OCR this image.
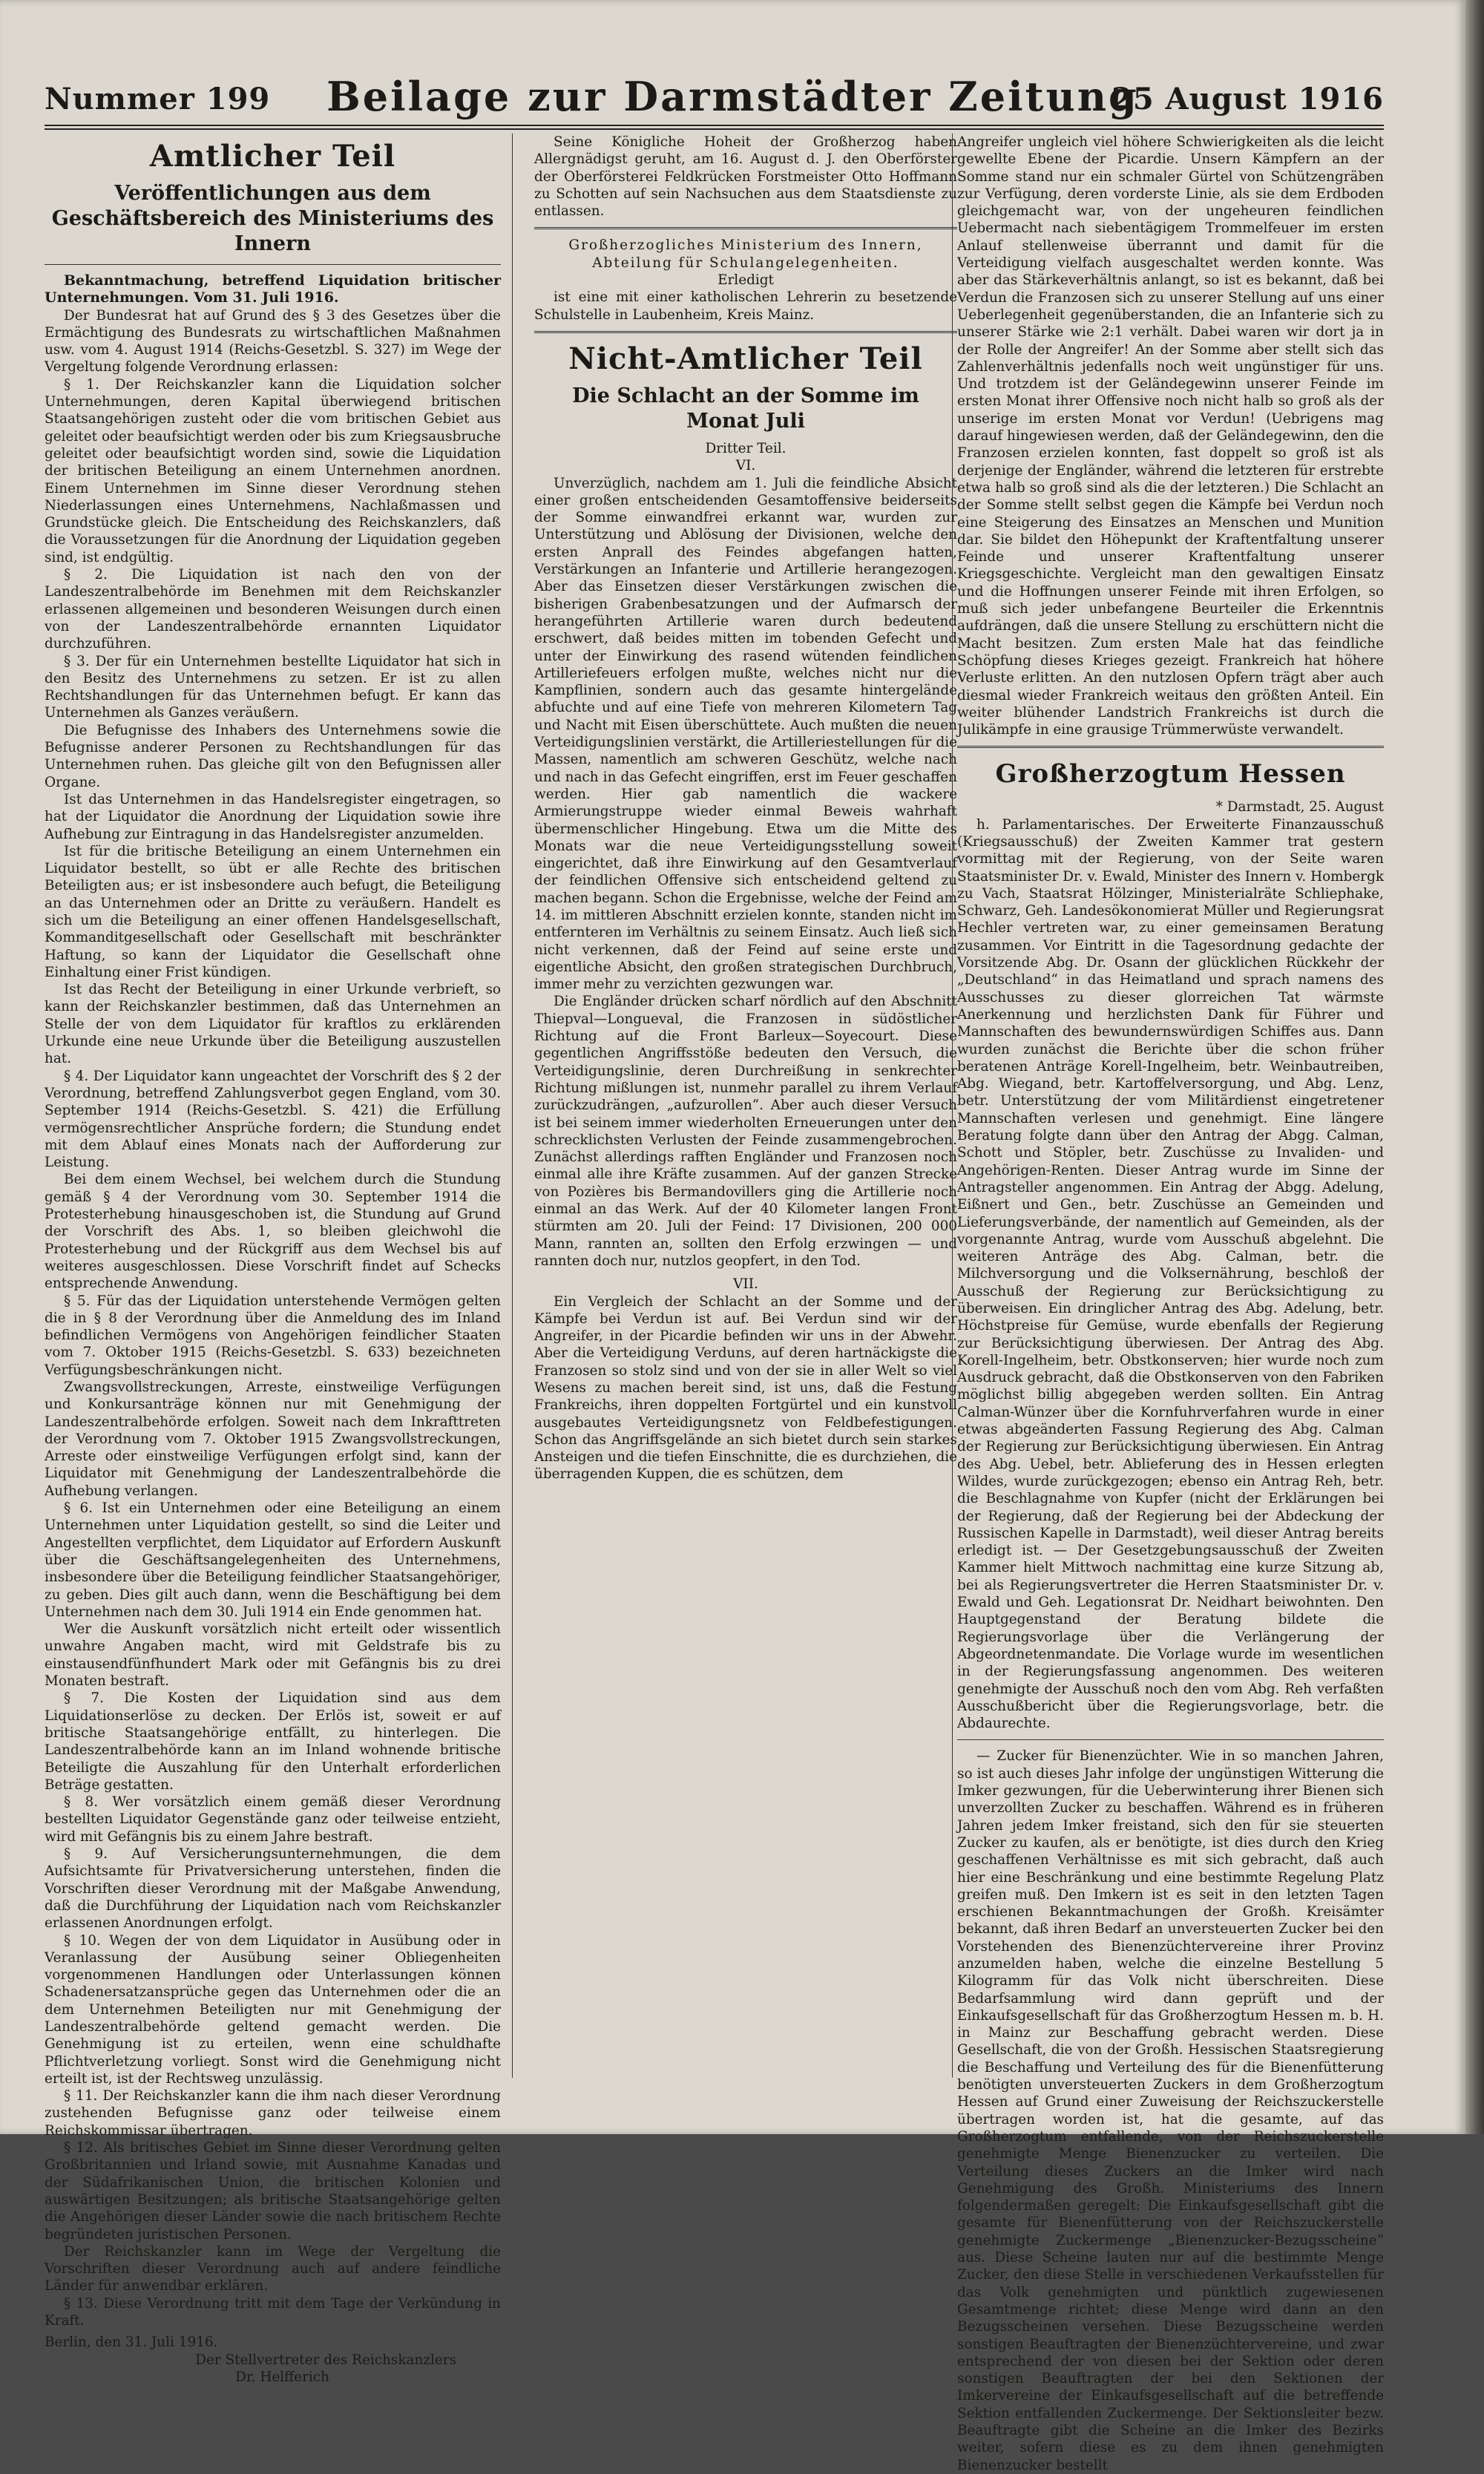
Nummer 199	Beilage zur Darmstädter Zeitung
25 August 1916
Amtlicher Teil
Veröffentlichungen aus dem Geschäftsbereich des Ministeriums des Innern

Bekanntmachung, betreffend Liquidation britischer Unternehmungen. Vom 31. Juli 1916.

Der Bundesrat hat auf Grund des § 3 des Gesetzes über die Ermächtigung des Bundesrats zu wirtschaftlichen Maßnahmen usw. vom 4. August 1914 (Reichs-Gesetzbl. S. 327) im Wege der Vergeltung folgende Verordnung erlassen:

§ 1. Der Reichskanzler kann die Liquidation solcher Unternehmungen, deren Kapital überwiegend britischen Staatsangehörigen zusteht oder die vom britischen Gebiet aus geleitet oder beaufsichtigt werden oder bis zum Kriegsausbruche geleitet oder beaufsichtigt worden sind, sowie die Liquidation der britischen Beteiligung an einem Unternehmen anordnen. Einem Unternehmen im Sinne dieser Verordnung stehen Niederlassungen eines Unternehmens, Nachlaßmassen und Grundstücke gleich. Die Entscheidung des Reichskanzlers, daß die Voraussetzungen für die Anordnung der Liquidation gegeben sind, ist endgültig.

§ 2. Die Liquidation ist nach den von der Landeszentralbehörde im Benehmen mit dem Reichskanzler erlassenen allgemeinen und besonderen Weisungen durch einen von der Landeszentralbehörde ernannten Liquidator durchzuführen.

§ 3. Der für ein Unternehmen bestellte Liquidator hat sich in den Besitz des Unternehmens zu setzen. Er ist zu allen Rechtshandlungen für das Unternehmen befugt. Er kann das Unternehmen als Ganzes veräußern.

Die Befugnisse des Inhabers des Unternehmens sowie die Befugnisse anderer Personen zu Rechtshandlungen für das Unternehmen ruhen. Das gleiche gilt von den Befugnissen aller Organe.

Ist das Unternehmen in das Handelsregister eingetragen, so hat der Liquidator die Anordnung der Liquidation sowie ihre Aufhebung zur Eintragung in das Handelsregister anzumelden.

Ist für die britische Beteiligung an einem Unternehmen ein Liquidator bestellt, so übt er alle Rechte des britischen Beteiligten aus; er ist insbesondere auch befugt, die Beteiligung an das Unternehmen oder an Dritte zu veräußern. Handelt es sich um die Beteiligung an einer offenen Handelsgesellschaft, Kommanditgesellschaft oder Gesellschaft mit beschränkter Haftung, so kann der Liquidator die Gesellschaft ohne Einhaltung einer Frist kündigen.

Ist das Recht der Beteiligung in einer Urkunde verbrieft, so kann der Reichskanzler bestimmen, daß das Unternehmen an Stelle der von dem Liquidator für kraftlos zu erklärenden Urkunde eine neue Urkunde über die Beteiligung auszustellen hat.

§ 4. Der Liquidator kann ungeachtet der Vorschrift des § 2 der Verordnung, betreffend Zahlungsverbot gegen England, vom 30. September 1914 (Reichs-Gesetzbl. S. 421) die Erfüllung vermögensrechtlicher Ansprüche fordern; die Stundung endet mit dem Ablauf eines Monats nach der Aufforderung zur Leistung.

Bei dem einem Wechsel, bei welchem durch die Stundung gemäß § 4 der Verordnung vom 30. September 1914 die Protesterhebung hinausgeschoben ist, die Stundung auf Grund der Vorschrift des Abs. 1, so bleiben gleichwohl die Protesterhebung und der Rückgriff aus dem Wechsel bis auf weiteres ausgeschlossen. Diese Vorschrift findet auf Schecks entsprechende Anwendung.

§ 5. Für das der Liquidation unterstehende Vermögen gelten die in § 8 der Verordnung über die Anmeldung des im Inland befindlichen Vermögens von Angehörigen feindlicher Staaten vom 7. Oktober 1915 (Reichs-Gesetzbl. S. 633) bezeichneten Verfügungsbeschränkungen nicht.

Zwangsvollstreckungen, Arreste, einstweilige Verfügungen und Konkursanträge können nur mit Genehmigung der Landeszentralbehörde erfolgen. Soweit nach dem Inkrafttreten der Verordnung vom 7. Oktober 1915 Zwangsvollstreckungen, Arreste oder einstweilige Verfügungen erfolgt sind, kann der Liquidator mit Genehmigung der Landeszentralbehörde die Aufhebung verlangen.

§ 6. Ist ein Unternehmen oder eine Beteiligung an einem Unternehmen unter Liquidation gestellt, so sind die Leiter und Angestellten verpflichtet, dem Liquidator auf Erfordern Auskunft über die Geschäftsangelegenheiten des Unternehmens, insbesondere über die Beteiligung feindlicher Staatsangehöriger, zu geben. Dies gilt auch dann, wenn die Beschäftigung bei dem Unternehmen nach dem 30. Juli 1914 ein Ende genommen hat.

Wer die Auskunft vorsätzlich nicht erteilt oder wissentlich unwahre Angaben macht, wird mit Geldstrafe bis zu einstausendfünfhundert Mark oder mit Gefängnis bis zu drei Monaten bestraft.

§ 7. Die Kosten der Liquidation sind aus dem Liquidationserlöse zu decken. Der Erlös ist, soweit er auf britische Staatsangehörige entfällt, zu hinterlegen. Die Landeszentralbehörde kann an im Inland wohnende britische Beteiligte die Auszahlung für den Unterhalt erforderlichen Beträge gestatten.

§ 8. Wer vorsätzlich einem gemäß dieser Verordnung bestellten Liquidator Gegenstände ganz oder teilweise entzieht, wird mit Gefängnis bis zu einem Jahre bestraft.

§ 9. Auf Versicherungsunternehmungen, die dem Aufsichtsamte für Privatversicherung unterstehen, finden die Vorschriften dieser Verordnung mit der Maßgabe Anwendung, daß die Durchführung der Liquidation nach vom Reichskanzler erlassenen Anordnungen erfolgt.

§ 10. Wegen der von dem Liquidator in Ausübung oder in Veranlassung der Ausübung seiner Obliegenheiten vorgenommenen Handlungen oder Unterlassungen können Schadenersatzansprüche gegen das Unternehmen oder die an dem Unternehmen Beteiligten nur mit Genehmigung der Landeszentralbehörde geltend gemacht werden. Die Genehmigung ist zu erteilen, wenn eine schuldhafte Pflichtverletzung vorliegt. Sonst wird die Genehmigung nicht erteilt ist, ist der Rechtsweg unzulässig.

§ 11. Der Reichskanzler kann die ihm nach dieser Verordnung zustehenden Befugnisse ganz oder teilweise einem Reichskommissar übertragen.

§ 12. Als britisches Gebiet im Sinne dieser Verordnung gelten Großbritannien und Irland sowie, mit Ausnahme Kanadas und der Südafrikanischen Union, die britischen Kolonien und auswärtigen Besitzungen; als britische Staatsangehörige gelten die Angehörigen dieser Länder sowie die nach britischem Rechte begründeten juristischen Personen.

Der Reichskanzler kann im Wege der Vergeltung die Vorschriften dieser Verordnung auch auf andere feindliche Länder für anwendbar erklären.

§ 13. Diese Verordnung tritt mit dem Tage der Verkündung in Kraft.

Berlin, den 31. Juli 1916.

Der Stellvertreter des Reichskanzlers

Dr. Helfferich

Seine Königliche Hoheit der Großherzog haben Allergnädigst geruht, am 16. August d. J. den Oberförster der Oberförsterei Feldkrücken Forstmeister Otto Hoffmann zu Schotten auf sein Nachsuchen aus dem Staatsdienste zu entlassen.

Großherzogliches Ministerium des Innern, Abteilung für Schulangelegenheiten.

Erledigt

ist eine mit einer katholischen Lehrerin zu besetzende Schulstelle in Laubenheim, Kreis Mainz.

Nicht-Amtlicher Teil
Die Schlacht an der Somme im Monat Juli

Dritter Teil.

VI.

Unverzüglich, nachdem am 1. Juli die feindliche Absicht einer großen entscheidenden Gesamtoffensive beiderseits der Somme einwandfrei erkannt war, wurden zur Unterstützung und Ablösung der Divisionen, welche den ersten Anprall des Feindes abgefangen hatten, Verstärkungen an Infanterie und Artillerie herangezogen. Aber das Einsetzen dieser Verstärkungen zwischen die bisherigen Grabenbesatzungen und der Aufmarsch der herangeführten Artillerie waren durch bedeutend erschwert, daß beides mitten im tobenden Gefecht und unter der Einwirkung des rasend wütenden feindlichen Artilleriefeuers erfolgen mußte, welches nicht nur die Kampflinien, sondern auch das gesamte hintergelände abfuchte und auf eine Tiefe von mehreren Kilometern Tag und Nacht mit Eisen überschüttete. Auch mußten die neuen Verteidigungslinien verstärkt, die Artilleriestellungen für die Massen, namentlich am schweren Geschütz, welche nach und nach in das Gefecht eingriffen, erst im Feuer geschaffen werden. Hier gab namentlich die wackere Armierungstruppe wieder einmal Beweis wahrhaft übermenschlicher Hingebung. Etwa um die Mitte des Monats war die neue Verteidigungsstellung soweit eingerichtet, daß ihre Einwirkung auf den Gesamtverlauf der feindlichen Offensive sich entscheidend geltend zu machen begann. Schon die Ergebnisse, welche der Feind am 14. im mittleren Abschnitt erzielen konnte, standen nicht im entfernteren im Verhältnis zu seinem Einsatz. Auch ließ sich nicht verkennen, daß der Feind auf seine erste und eigentliche Absicht, den großen strategischen Durchbruch, immer mehr zu verzichten gezwungen war.

Die Engländer drücken scharf nördlich auf den Abschnitt Thiepval—Longueval, die Franzosen in südöstlicher Richtung auf die Front Barleux—Soyecourt. Diese gegentlichen Angriffsstöße bedeuten den Versuch, die Verteidigungslinie, deren Durchreißung in senkrechter Richtung mißlungen ist, nunmehr parallel zu ihrem Verlauf zurückzudrängen, „aufzurollen“. Aber auch dieser Versuch ist bei seinem immer wiederholten Erneuerungen unter den schrecklichsten Verlusten der Feinde zusammengebrochen. Zunächst allerdings rafften Engländer und Franzosen noch einmal alle ihre Kräfte zusammen. Auf der ganzen Strecke von Pozières bis Bermandovillers ging die Artillerie noch einmal an das Werk. Auf der 40 Kilometer langen Front stürmten am 20. Juli der Feind: 17 Divisionen, 200 000 Mann, rannten an, sollten den Erfolg erzwingen — und rannten doch nur, nutzlos geopfert, in den Tod.

VII.

Ein Vergleich der Schlacht an der Somme und der Kämpfe bei Verdun ist auf. Bei Verdun sind wir der Angreifer, in der Picardie befinden wir uns in der Abwehr. Aber die Verteidigung Verduns, auf deren hartnäckigste die Franzosen so stolz sind und von der sie in aller Welt so viel Wesens zu machen bereit sind, ist uns, daß die Festung Frankreichs, ihren doppelten Fortgürtel und ein kunstvoll ausgebautes Verteidigungsnetz von Feldbefestigungen. Schon das Angriffsgelände an sich bietet durch sein starkes Ansteigen und die tiefen Einschnitte, die es durchziehen, die überragenden Kuppen, die es schützen, dem

Angreifer ungleich viel höhere Schwierigkeiten als die leicht gewellte Ebene der Picardie. Unsern Kämpfern an der Somme stand nur ein schmaler Gürtel von Schützengräben zur Verfügung, deren vorderste Linie, als sie dem Erdboden gleichgemacht war, von der ungeheuren feindlichen Uebermacht nach siebentägigem Trommelfeuer im ersten Anlauf stellenweise überrannt und damit für die Verteidigung vielfach ausgeschaltet werden konnte. Was aber das Stärkeverhältnis anlangt, so ist es bekannt, daß bei Verdun die Franzosen sich zu unserer Stellung auf uns einer Ueberlegenheit gegenüberstanden, die an Infanterie sich zu unserer Stärke wie 2:1 verhält. Dabei waren wir dort ja in der Rolle der Angreifer! An der Somme aber stellt sich das Zahlenverhältnis jedenfalls noch weit ungünstiger für uns. Und trotzdem ist der Geländegewinn unserer Feinde im ersten Monat ihrer Offensive noch nicht halb so groß als der unserige im ersten Monat vor Verdun! (Uebrigens mag darauf hingewiesen werden, daß der Geländegewinn, den die Franzosen erzielen konnten, fast doppelt so groß ist als derjenige der Engländer, während die letzteren für erstrebte etwa halb so groß sind als die der letzteren.) Die Schlacht an der Somme stellt selbst gegen die Kämpfe bei Verdun noch eine Steigerung des Einsatzes an Menschen und Munition dar. Sie bildet den Höhepunkt der Kraftentfaltung unserer Feinde und unserer Kraftentfaltung unserer Kriegsgeschichte. Vergleicht man den gewaltigen Einsatz und die Hoffnungen unserer Feinde mit ihren Erfolgen, so muß sich jeder unbefangene Beurteiler die Erkenntnis aufdrängen, daß die unsere Stellung zu erschüttern nicht die Macht besitzen. Zum ersten Male hat das feindliche Schöpfung dieses Krieges gezeigt. Frankreich hat höhere Verluste erlitten. An den nutzlosen Opfern trägt aber auch diesmal wieder Frankreich weitaus den größten Anteil. Ein weiter blühender Landstrich Frankreichs ist durch die Julikämpfe in eine grausige Trümmerwüste verwandelt.

Großherzogtum Hessen

* Darmstadt, 25. August

h. Parlamentarisches. Der Erweiterte Finanzausschuß (Kriegsausschuß) der Zweiten Kammer trat gestern vormittag mit der Regierung, von der Seite waren Staatsminister Dr. v. Ewald, Minister des Innern v. Hombergk zu Vach, Staatsrat Hölzinger, Ministerialräte Schliephake, Schwarz, Geh. Landesökonomierat Müller und Regierungsrat Hechler vertreten war, zu einer gemeinsamen Beratung zusammen. Vor Eintritt in die Tagesordnung gedachte der Vorsitzende Abg. Dr. Osann der glücklichen Rückkehr der „Deutschland“ in das Heimatland und sprach namens des Ausschusses zu dieser glorreichen Tat wärmste Anerkennung und herzlichsten Dank für Führer und Mannschaften des bewundernswürdigen Schiffes aus. Dann wurden zunächst die Berichte über die schon früher beratenen Anträge Korell-Ingelheim, betr. Weinbautreiben, Abg. Wiegand, betr. Kartoffelversorgung, und Abg. Lenz, betr. Unterstützung der vom Militärdienst eingetretener Mannschaften verlesen und genehmigt. Eine längere Beratung folgte dann über den Antrag der Abgg. Calman, Schott und Stöpler, betr. Zuschüsse zu Invaliden- und Angehörigen-Renten. Dieser Antrag wurde im Sinne der Antragsteller angenommen. Ein Antrag der Abgg. Adelung, Eißnert und Gen., betr. Zuschüsse an Gemeinden und Lieferungsverbände, der namentlich auf Gemeinden, als der vorgenannte Antrag, wurde vom Ausschuß abgelehnt. Die weiteren Anträge des Abg. Calman, betr. die Milchversorgung und die Volksernährung, beschloß der Ausschuß der Regierung zur Berücksichtigung zu überweisen. Ein dringlicher Antrag des Abg. Adelung, betr. Höchstpreise für Gemüse, wurde ebenfalls der Regierung zur Berücksichtigung überwiesen. Der Antrag des Abg. Korell-Ingelheim, betr. Obstkonserven; hier wurde noch zum Ausdruck gebracht, daß die Obstkonserven von den Fabriken möglichst billig abgegeben werden sollten. Ein Antrag Calman-Wünzer über die Kornfuhrverfahren wurde in einer etwas abgeänderten Fassung Regierung des Abg. Calman der Regierung zur Berücksichtigung überwiesen. Ein Antrag des Abg. Uebel, betr. Ablieferung des in Hessen erlegten Wildes, wurde zurückgezogen; ebenso ein Antrag Reh, betr. die Beschlagnahme von Kupfer (nicht der Erklärungen bei der Regierung, daß der Regierung bei der Abdeckung der Russischen Kapelle in Darmstadt), weil dieser Antrag bereits erledigt ist. — Der Gesetzgebungsausschuß der Zweiten Kammer hielt Mittwoch nachmittag eine kurze Sitzung ab, bei als Regierungsvertreter die Herren Staatsminister Dr. v. Ewald und Geh. Legationsrat Dr. Neidhart beiwohnten. Den Hauptgegenstand der Beratung bildete die Regierungsvorlage über die Verlängerung der Abgeordnetenmandate. Die Vorlage wurde im wesentlichen in der Regierungsfassung angenommen. Des weiteren genehmigte der Ausschuß noch den vom Abg. Reh verfaßten Ausschußbericht über die Regierungsvorlage, betr. die Abdaurechte.

— Zucker für Bienenzüchter. Wie in so manchen Jahren, so ist auch dieses Jahr infolge der ungünstigen Witterung die Imker gezwungen, für die Ueberwinterung ihrer Bienen sich unverzollten Zucker zu beschaffen. Während es in früheren Jahren jedem Imker freistand, sich den für sie steuerten Zucker zu kaufen, als er benötigte, ist dies durch den Krieg geschaffenen Verhältnisse es mit sich gebracht, daß auch hier eine Beschränkung und eine bestimmte Regelung Platz greifen muß. Den Imkern ist es seit in den letzten Tagen erschienen Bekanntmachungen der Großh. Kreisämter bekannt, daß ihren Bedarf an unversteuerten Zucker bei den Vorstehenden des Bienenzüchtervereine ihrer Provinz anzumelden haben, welche die einzelne Bestellung 5 Kilogramm für das Volk nicht überschreiten. Diese Bedarfsammlung wird dann geprüft und der Einkaufsgesellschaft für das Großherzogtum Hessen m. b. H. in Mainz zur Beschaffung gebracht werden. Diese Gesellschaft, die von der Großh. Hessischen Staatsregierung die Beschaffung und Verteilung des für die Bienenfütterung benötigten unversteuerten Zuckers in dem Großherzogtum Hessen auf Grund einer Zuweisung der Reichszuckerstelle übertragen worden ist, hat die gesamte, auf das Großherzogtum entfallende, von der Reichszuckerstelle genehmigte Menge Bienenzucker zu verteilen. Die Verteilung dieses Zuckers an die Imker wird nach Genehmigung des Großh. Ministeriums des Innern folgendermaßen geregelt: Die Einkaufsgesellschaft gibt die gesamte für Bienenfütterung von der Reichszuckerstelle genehmigte Zuckermenge „Bienenzucker-Bezugsscheine“ aus. Diese Scheine lauten nur auf die bestimmte Menge Zucker, den diese Stelle in verschiedenen Verkaufsstellen für das Volk genehmigten und pünktlich zugewiesenen Gesamtmenge richtet; diese Menge wird dann an den Bezugsscheinen versehen. Diese Bezugsscheine werden sonstigen Beauftragten der Bienenzüchtervereine, und zwar entsprechend der von diesen bei der Sektion oder deren sonstigen Beauftragten der bei den Sektionen der Imkervereine der Einkaufsgesellschaft auf die betreffende Sektion entfallenden Zuckermenge. Der Sektionsleiter bezw. Beauftragte gibt die Scheine an die Imker des Bezirks weiter, sofern diese es zu dem ihnen genehmigten Bienenzucker bestellt
